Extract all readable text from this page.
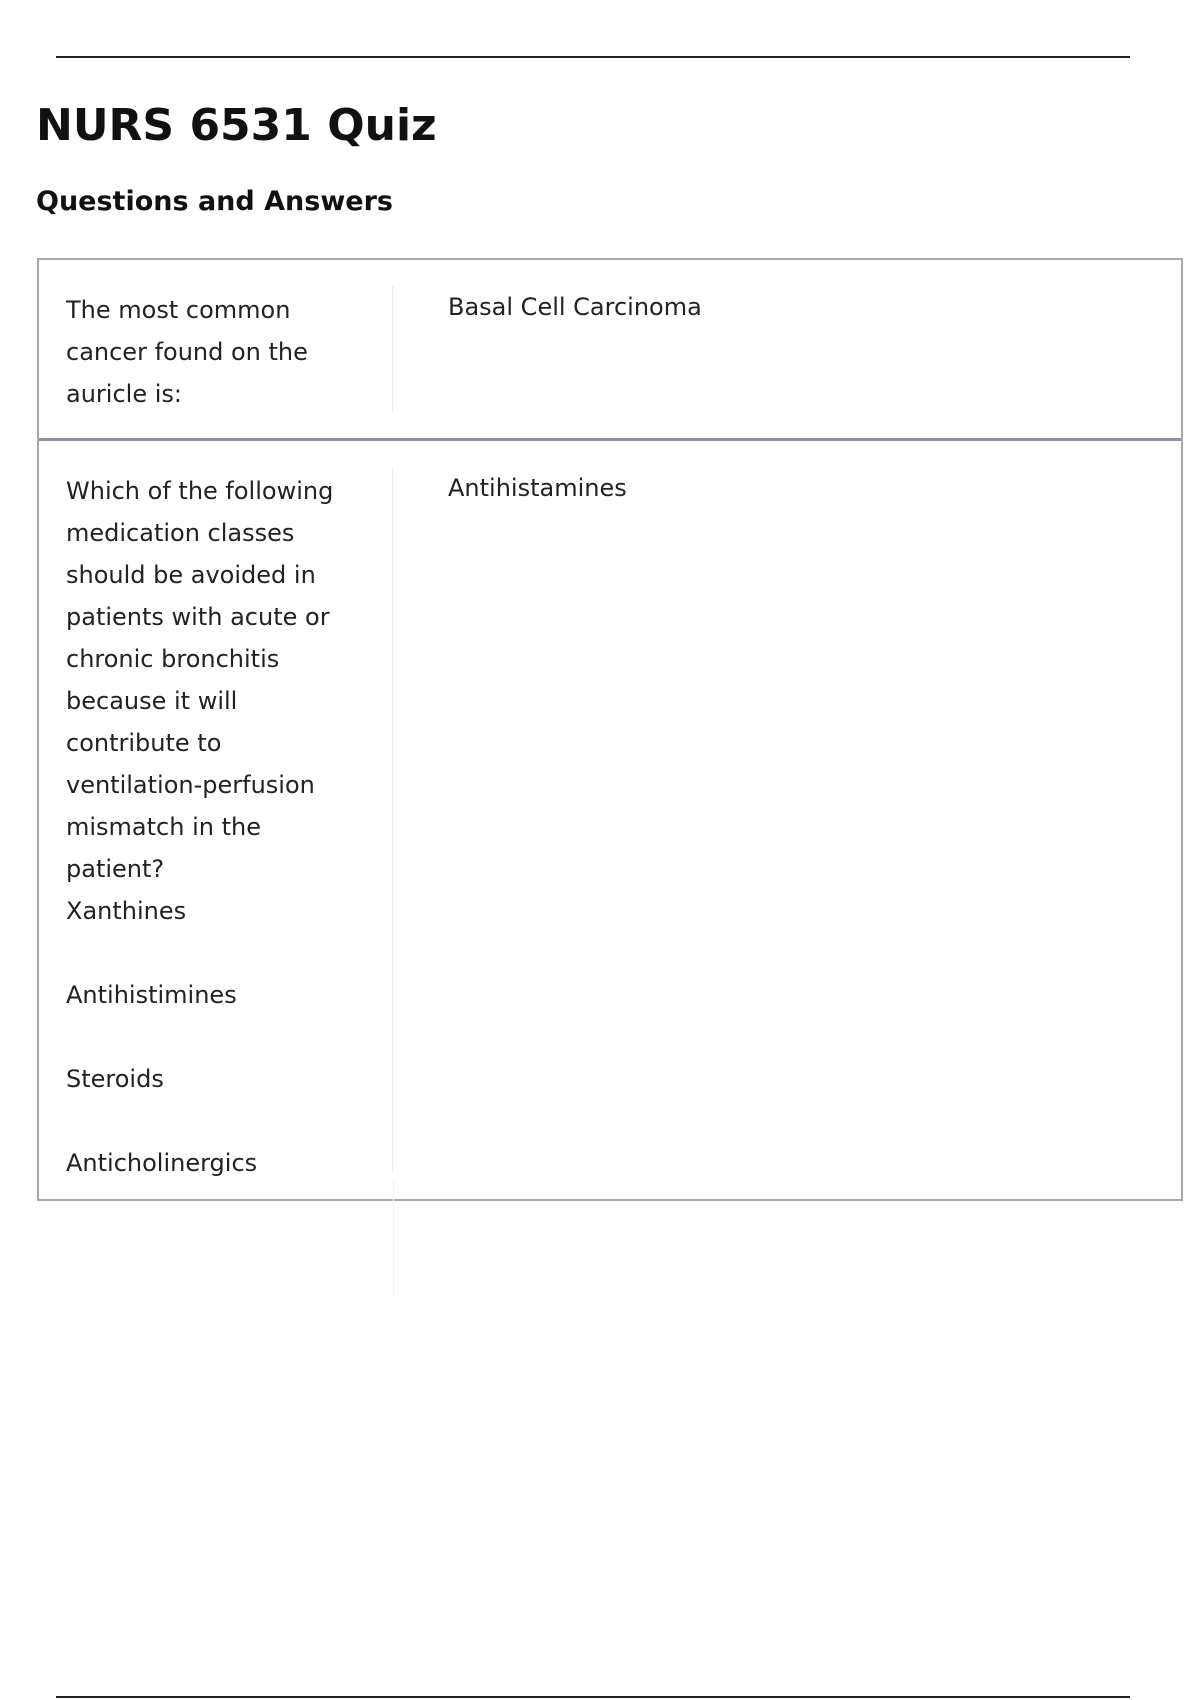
NURS 6531 Quiz
Questions and Answers
The most common
cancer found on the
auricle is:
Basal Cell Carcinoma
Which of the following
medication classes
should be avoided in
patients with acute or
chronic bronchitis
because it will
contribute to
ventilation-perfusion
mismatch in the
patient?
Xanthines
Antihistimines
Steroids
Anticholinergics
Antihistamines
